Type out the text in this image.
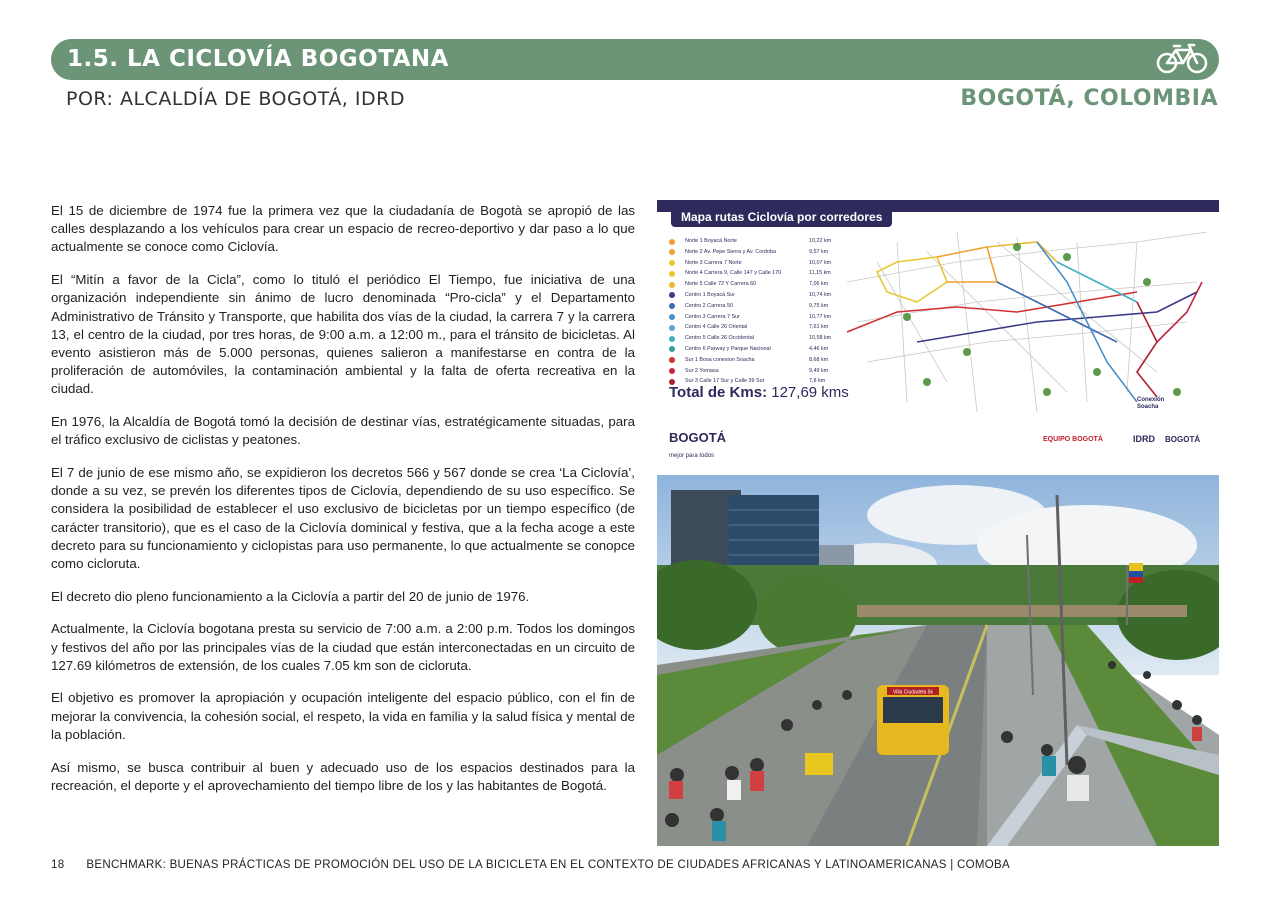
1.5. LA CICLOVÍA BOGOTANA
POR: ALCALDÍA DE BOGOTÁ, IDRD	BOGOTÁ, COLOMBIA

El 15 de diciembre de 1974 fue la primera vez que la ciudadanía de Bogotà se apropió de las calles desplazando a los vehículos para crear un espacio de recreo-deportivo y dar paso a lo que actualmente se conoce como Ciclovía.

El “Mitín a favor de la Cicla”, como lo tituló el periódico El Tiempo, fue iniciativa de una organización independiente sin ánimo de lucro denominada “Pro-cicla” y el Departamento Administrativo de Tránsito y Transporte, que habilita dos vías de la ciudad, la carrera 7 y la carrera 13, el centro de la ciudad, por tres horas, de 9:00 a.m. a 12:00 m., para el tránsito de bicicletas. Al evento asistieron más de 5.000 personas, quienes salieron a manifestarse en contra de la proliferación de automóviles, la contaminación ambiental y la falta de oferta recreativa en la ciudad.

En 1976, la Alcaldía de Bogotá tomó la decisión de destinar vías, estratégicamente situadas, para el tráfico exclusivo de ciclistas y peatones.

El 7 de junio de ese mismo año, se expidieron los decretos 566 y 567 donde se crea ‘La Ciclovía’, donde a su vez, se prevén los diferentes tipos de Ciclovía, dependiendo de su uso específico. Se considera la posibilidad de establecer el uso exclusivo de bicicletas por un tiempo específico (de carácter transitorio), que es el caso de la Ciclovía dominical y festiva, que a la fecha acoge a este decreto para su funcionamiento y ciclopistas para uso permanente, lo que actualmente se conopce como cicloruta.

El decreto dio pleno funcionamiento a la Ciclovía a partir del 20 de junio de 1976.

Actualmente, la Ciclovía bogotana presta su servicio de 7:00 a.m. a 2:00 p.m. Todos los domingos y festivos del año por las principales vías de la ciudad que están interconectadas en un circuito de 127.69 kilómetros de extensión, de los cuales 7.05 km son de cicloruta.

El objetivo es promover la apropiación y ocupación inteligente del espacio público, con el fin de mejorar la convivencia, la cohesión social, el respeto, la vida en familia y la salud física y mental de la población.

Así mismo, se busca contribuir al buen y adecuado uso de los espacios destinados para la recreación, el deporte y el aprovechamiento del tiempo libre de los y las habitantes de Bogotá.

Mapa rutas Ciclovía por corredores
Norte 1 Boyacá Norte	10,22 km
Norte 2 Av. Pepe Sierra y Av. Cordoba	9,57 km
Norte 3 Carrera 7 Norte	10,07 km
Norte 4 Carrera 9, Calle 147 y Calle 170	11,15 km
Norte 5 Calle 72 Y Carrera 60	7,06 km
Centro 1 Boyacá Sur	10,74 km
Centro 2 Carrera 50	9,75 km
Centro 3 Carrera 7 Sur	10,77 km
Centro 4 Calle 26 Oriental	7,61 km
Centro 5 Calle 26 Occidental	10,58 km
Centro 6 Parway y Parque Nacional	4,46 km
Sur 1 Bosa conexion Soacha	8,68 km
Sur 2 Yomasa	9,49 km
Sur 3 Calle 17 Sur y Calle 39 Sur	7,8 km
Total de Kms: 127,69 kms	Conexión Soacha
BOGOTÁ
mejor para todos
EQUIPO BOGOTÁ	IDRD BOGOTÁ
Villa Ciudadela 5k
18 BENCHMARK: BUENAS PRÁCTICAS DE PROMOCIÓN DEL USO DE LA BICICLETA EN EL CONTEXTO DE CIUDADES AFRICANAS Y LATINOAMERICANAS | COMOBA
